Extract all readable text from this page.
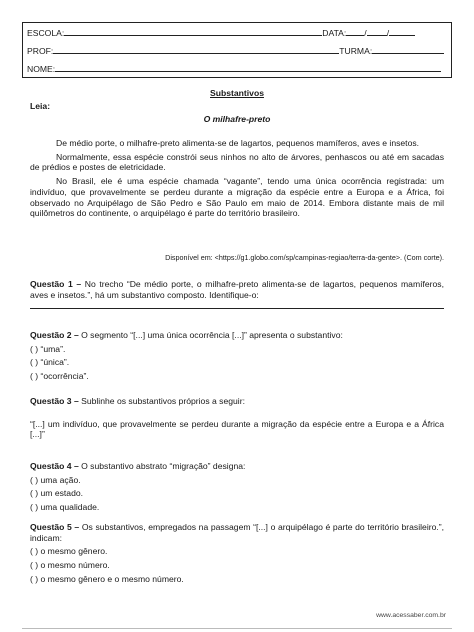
ESCOLA:	DATA: / /
PROF:	TURMA:
NOME:
Substantivos
Leia:
O milhafre-preto

De médio porte, o milhafre-preto alimenta-se de lagartos, pequenos mamíferos, aves e insetos.

Normalmente, essa espécie constrói seus ninhos no alto de árvores, penhascos ou até em sacadas de prédios e postes de eletricidade.

No Brasil, ele é uma espécie chamada “vagante”, tendo uma única ocorrência registrada: um indivíduo, que provavelmente se perdeu durante a migração da espécie entre a Europa e a África, foi observado no Arquipélago de São Pedro e São Paulo em maio de 2014. Embora distante mais de mil quilômetros do continente, o arquipélago é parte do território brasileiro.

Disponível em: <https://g1.globo.com/sp/campinas-regiao/terra-da-gente>. (Com corte).
Questão 1 – No trecho “De médio porte, o milhafre-preto alimenta-se de lagartos, pequenos mamíferos, aves e insetos.”, há um substantivo composto. Identifique-o:

Questão 2 – O segmento “[...] uma única ocorrência [...]” apresenta o substantivo:

( ) “uma”.

( ) “única”.

( ) “ocorrência”.

Questão 3 – Sublinhe os substantivos próprios a seguir:

“[...] um indivíduo, que provavelmente se perdeu durante a migração da espécie entre a Europa e a África [...]”

Questão 4 – O substantivo abstrato “migração” designa:

( ) uma ação.

( ) um estado.

( ) uma qualidade.

Questão 5 – Os substantivos, empregados na passagem “[...] o arquipélago é parte do território brasileiro.”, indicam:

( ) o mesmo gênero.

( ) o mesmo número.

( ) o mesmo gênero e o mesmo número.

www.acessaber.com.br
